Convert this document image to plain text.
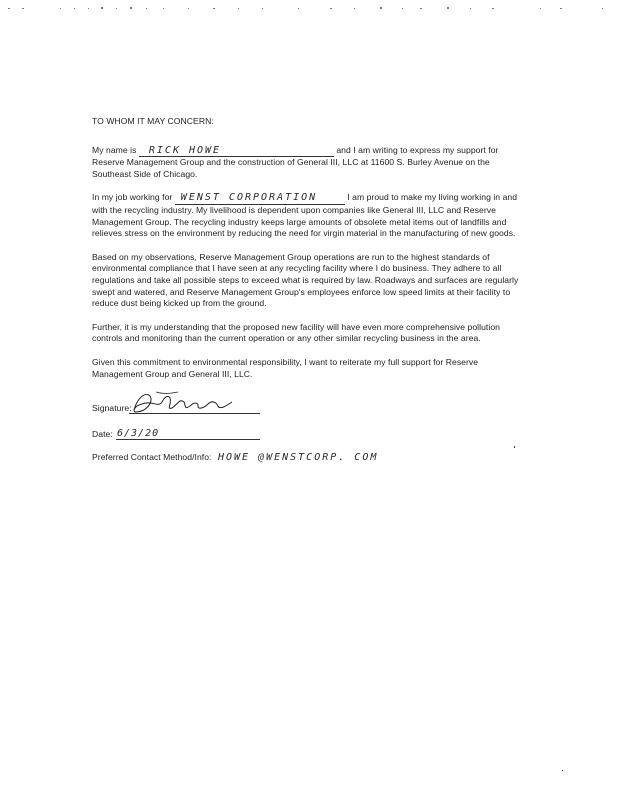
TO WHOM IT MAY CONCERN:

My name is RICK HOWE	and I am writing to express my support for Reserve Management Group and the construction of General III, LLC at 11600 S. Burley Avenue on the Southeast Side of Chicago.

In my job working for WENST CORPORATION	I am proud to make my living working in and with the recycling industry. My livelihood is dependent upon companies like General III, LLC and Reserve Management Group. The recycling industry keeps large amounts of obsolete metal items out of landfills and relieves stress on the environment by reducing the need for virgin material in the manufacturing of new goods.

Based on my observations, Reserve Management Group operations are run to the highest standards of environmental compliance that I have seen at any recycling facility where I do business. They adhere to all regulations and take all possible steps to exceed what is required by law. Roadways and surfaces are regularly swept and watered, and Reserve Management Group's employees enforce low speed limits at their facility to reduce dust being kicked up from the ground.

Further, it is my understanding that the proposed new facility will have even more comprehensive pollution controls and monitoring than the current operation or any other similar recycling business in the area.

Given this commitment to environmental responsibility, I want to reiterate my full support for Reserve Management Group and General III, LLC.

Signature:
Date: 6/3/20
Preferred Contact Method/Info: HOWE @WENSTCORP. COM
